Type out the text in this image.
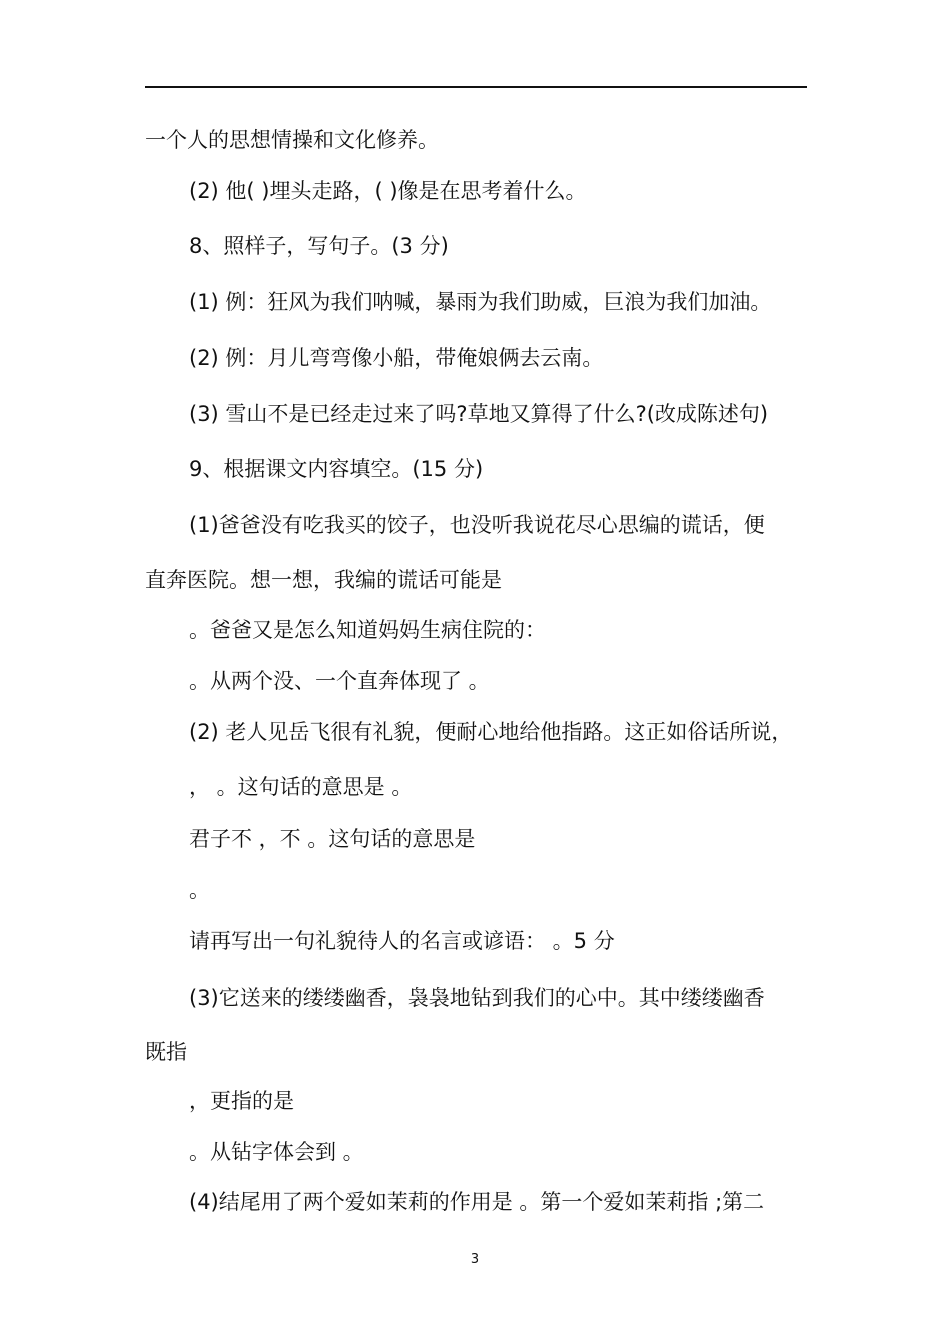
一个人的思想情操和文化修养。
(2) 他( )埋头走路，( )像是在思考着什么。
8、照样子，写句子。(3 分)
(1) 例：狂风为我们呐喊，暴雨为我们助威，巨浪为我们加油。
(2) 例：月儿弯弯像小船，带俺娘俩去云南。
(3) 雪山不是已经走过来了吗?草地又算得了什么?(改成陈述句)
9、根据课文内容填空。(15 分)
(1)爸爸没有吃我买的饺子，也没听我说花尽心思编的谎话，便
直奔医院。想一想，我编的谎话可能是
。爸爸又是怎么知道妈妈生病住院的：
。从两个没、一个直奔体现了 。
(2) 老人见岳飞很有礼貌，便耐心地给他指路。这正如俗话所说，
， 。这句话的意思是 。
君子不 ，不 。这句话的意思是
。
请再写出一句礼貌待人的名言或谚语： 。5 分
(3)它送来的缕缕幽香，袅袅地钻到我们的心中。其中缕缕幽香
既指
，更指的是
。从钻字体会到 。
(4)结尾用了两个爱如茉莉的作用是 。第一个爱如茉莉指 ;第二
3
